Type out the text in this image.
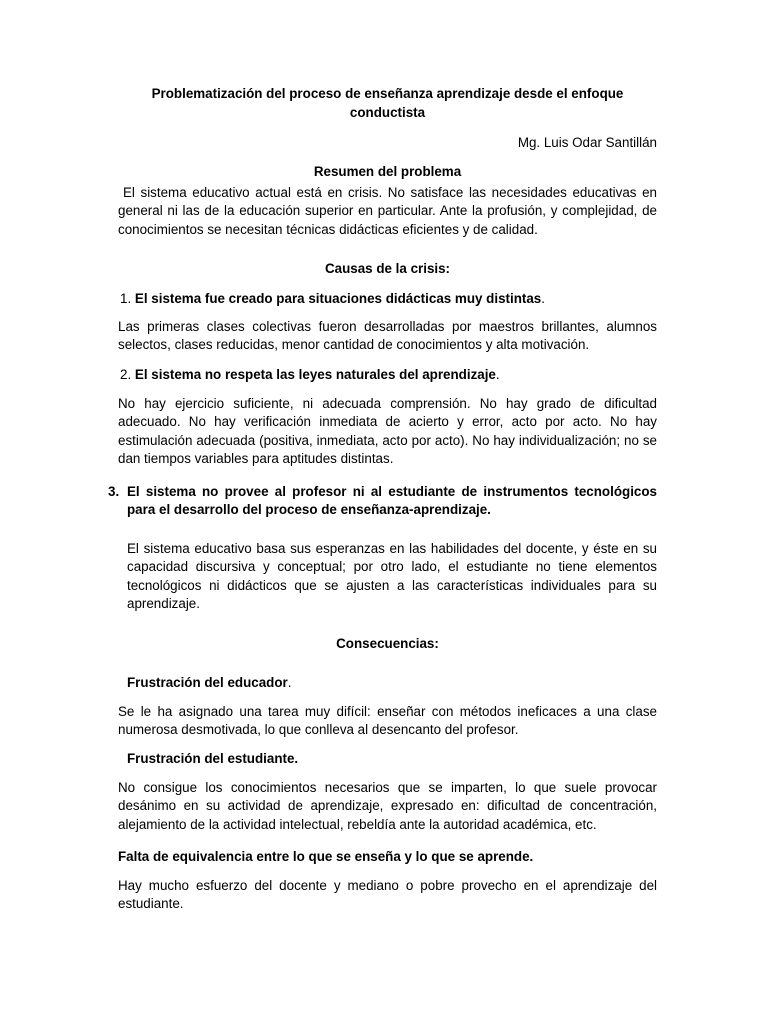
Problematización del proceso de enseñanza aprendizaje desde el enfoque

conductista

Mg. Luis Odar Santillán

Resumen del problema

El sistema educativo actual está en crisis. No satisface las necesidades educativas en general ni las de la educación superior en particular. Ante la profusión, y complejidad, de conocimientos se necesitan técnicas didácticas eficientes y de calidad.

Causas de la crisis:

1. El sistema fue creado para situaciones didácticas muy distintas.

Las primeras clases colectivas fueron desarrolladas por maestros brillantes, alumnos selectos, clases reducidas, menor cantidad de conocimientos y alta motivación.

2. El sistema no respeta las leyes naturales del aprendizaje.

No hay ejercicio suficiente, ni adecuada comprensión. No hay grado de dificultad adecuado. No hay verificación inmediata de acierto y error, acto por acto. No hay estimulación adecuada (positiva, inmediata, acto por acto). No hay individualización; no se dan tiempos variables para aptitudes distintas.

3. El sistema no provee al profesor ni al estudiante de instrumentos tecnológicos para el desarrollo del proceso de enseñanza-aprendizaje.

El sistema educativo basa sus esperanzas en las habilidades del docente, y éste en su capacidad discursiva y conceptual; por otro lado, el estudiante no tiene elementos tecnológicos ni didácticos que se ajusten a las características individuales para su aprendizaje.

Consecuencias:

Frustración del educador.

Se le ha asignado una tarea muy difícil: enseñar con métodos ineficaces a una clase numerosa desmotivada, lo que conlleva al desencanto del profesor.

Frustración del estudiante.

No consigue los conocimientos necesarios que se imparten, lo que suele provocar desánimo en su actividad de aprendizaje, expresado en: dificultad de concentración, alejamiento de la actividad intelectual, rebeldía ante la autoridad académica, etc.

Falta de equivalencia entre lo que se enseña y lo que se aprende.

Hay mucho esfuerzo del docente y mediano o pobre provecho en el aprendizaje del estudiante.
